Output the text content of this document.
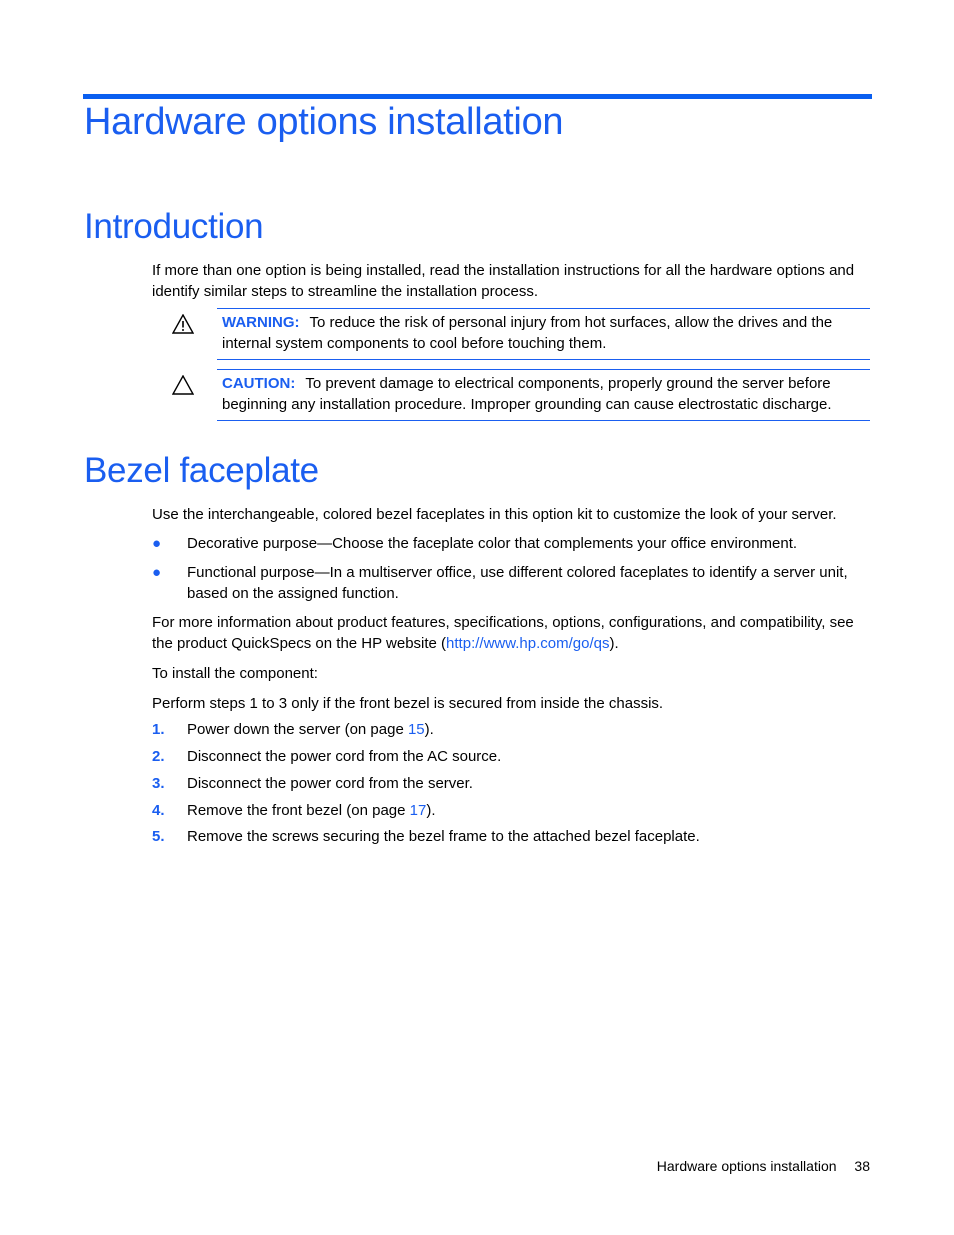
Hardware options installation
Introduction

If more than one option is being installed, read the installation instructions for all the hardware options and identify similar steps to streamline the installation process.

WARNING: To reduce the risk of personal injury from hot surfaces, allow the drives and the internal system components to cool before touching them.
CAUTION: To prevent damage to electrical components, properly ground the server before beginning any installation procedure. Improper grounding can cause electrostatic discharge.
Bezel faceplate

Use the interchangeable, colored bezel faceplates in this option kit to customize the look of your server.

● Decorative purpose—Choose the faceplate color that complements your office environment.
● Functional purpose—In a multiserver office, use different colored faceplates to identify a server unit, based on the assigned function.

For more information about product features, specifications, options, configurations, and compatibility, see the product QuickSpecs on the HP website (http://www.hp.com/go/qs).

To install the component:

Perform steps 1 to 3 only if the front bezel is secured from inside the chassis.

1. Power down the server (on page 15).
2. Disconnect the power cord from the AC source.
3. Disconnect the power cord from the server.
4. Remove the front bezel (on page 17).
5. Remove the screws securing the bezel frame to the attached bezel faceplate.
Hardware options installation 38
